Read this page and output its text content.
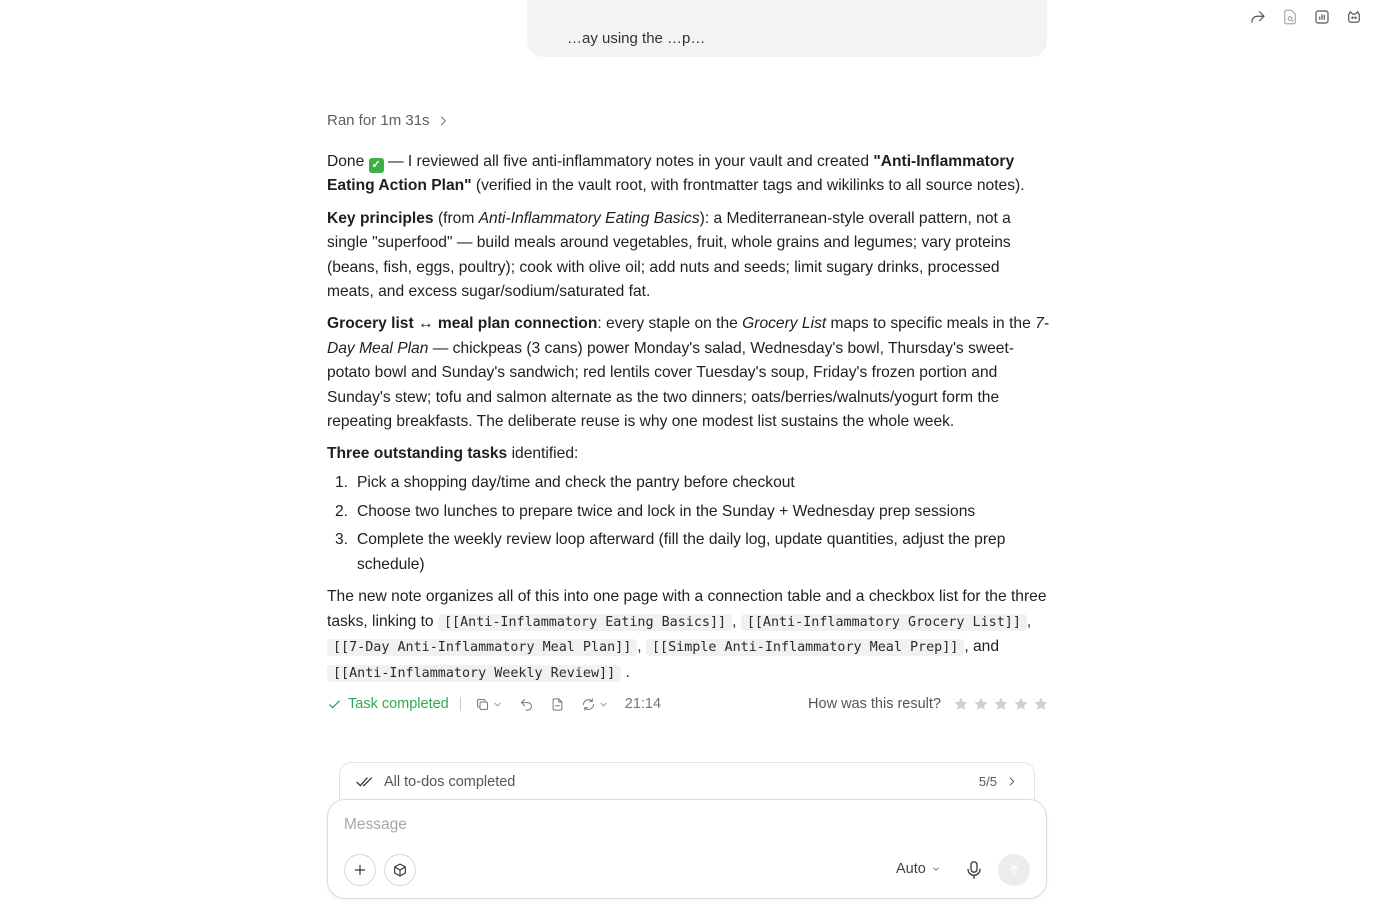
…ay using the …p…
Ran for 1m 31s

Done ✓ — I reviewed all five anti-inflammatory notes in your vault and created "Anti-Inflammatory Eating Action Plan" (verified in the vault root, with frontmatter tags and wikilinks to all source notes).

Key principles (from Anti-Inflammatory Eating Basics): a Mediterranean-style overall pattern, not a single "superfood" — build meals around vegetables, fruit, whole grains and legumes; vary proteins (beans, fish, eggs, poultry); cook with olive oil; add nuts and seeds; limit sugary drinks, processed meats, and excess sugar/sodium/saturated fat.

Grocery list ↔ meal plan connection: every staple on the Grocery List maps to specific meals in the 7-Day Meal Plan — chickpeas (3 cans) power Monday's salad, Wednesday's bowl, Thursday's sweet-potato bowl and Sunday's sandwich; red lentils cover Tuesday's soup, Friday's frozen portion and Sunday's stew; tofu and salmon alternate as the two dinners; oats/berries/walnuts/yogurt form the repeating breakfasts. The deliberate reuse is why one modest list sustains the whole week.

Three outstanding tasks identified:

1. Pick a shopping day/time and check the pantry before checkout
2. Choose two lunches to prepare twice and lock in the Sunday + Wednesday prep sessions
3. Complete the weekly review loop afterward (fill the daily log, update quantities, adjust the prep schedule)

The new note organizes all of this into one page with a connection table and a checkbox list for the three tasks, linking to [[Anti-Inflammatory Eating Basics]] , [[Anti-Inflammatory Grocery List]] , [[7-Day Anti-Inflammatory Meal Plan]] , [[Simple Anti-Inflammatory Meal Prep]] , and [[Anti-Inflammatory Weekly Review]] .

Task completed	21:14	How was this result?
All to-dos completed	5/5
Message
Auto
